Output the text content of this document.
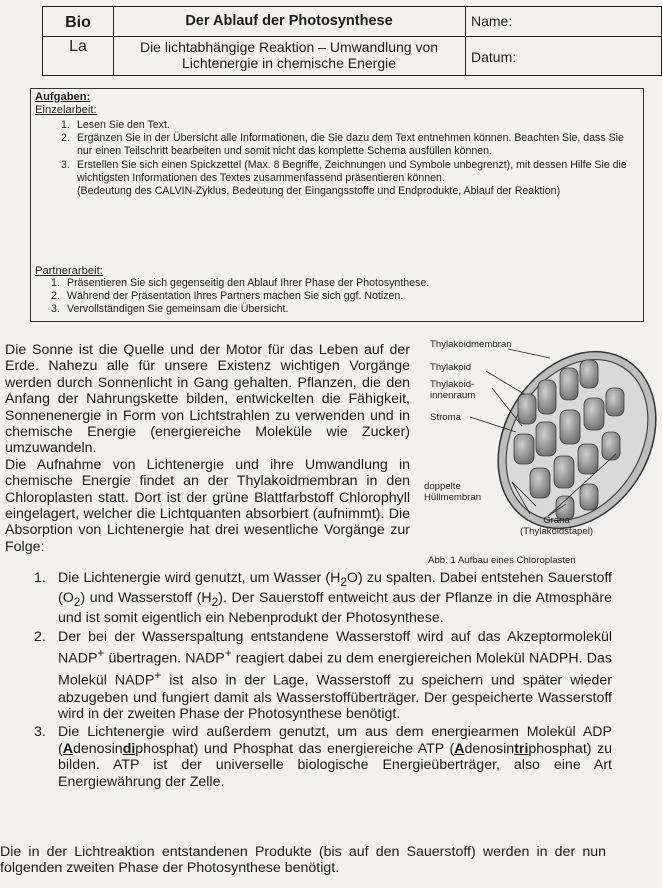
Bio
La
Der Ablauf der Photosynthese
Die lichtabhängige Reaktion – Umwandlung von
Lichtenergie in chemische Energie
Name:
Datum:
Aufgaben:
Einzelarbeit:
1. Lesen Sie den Text.
2. Ergänzen Sie in der Übersicht alle Informationen, die Sie dazu dem Text entnehmen können. Beachten Sie, dass Sie nur einen Teilschritt bearbeiten und somit nicht das komplette Schema ausfüllen können.
3. Erstellen Sie sich einen Spickzettel (Max. 8 Begriffe, Zeichnungen und Symbole unbegrenzt), mit dessen Hilfe Sie die wichtigsten Informationen des Textes zusammenfassend präsentieren können.
(Bedeutung des CALVIN-Zyklus, Bedeutung der Eingangsstoffe und Endprodukte, Ablauf der Reaktion)
Partnerarbeit:
1. Präsentieren Sie sich gegenseitig den Ablauf Ihrer Phase der Photosynthese.
2. Während der Präsentation Ihres Partners machen Sie sich ggf. Notizen.
3. Vervollständigen Sie gemeinsam die Übersicht.

Die Sonne ist die Quelle und der Motor für das Leben auf der Erde. Nahezu alle für unsere Existenz wichtigen Vorgänge werden durch Sonnenlicht in Gang gehalten. Pflanzen, die den Anfang der Nahrungskette bilden, entwickelten die Fähigkeit, Sonnenenergie in Form von Lichtstrahlen zu verwenden und in chemische Energie (energiereiche Moleküle wie Zucker) umzuwandeln.

Die Aufnahme von Lichtenergie und ihre Umwandlung in chemische Energie findet an der Thylakoidmembran in den Chloroplasten statt. Dort ist der grüne Blattfarbstoff Chlorophyll eingelagert, welcher die Lichtquanten absorbiert (aufnimmt). Die Absorption von Lichtenergie hat drei wesentliche Vorgänge zur Folge:

Thylakoidmembran
Thylakoid
Thylakoid-
innenraum
Stroma
doppelte
Hüllmembran
Grana
(Thylakoidstapel)
Abb. 1 Aufbau eines Chloroplasten
1. Die Lichtenergie wird genutzt, um Wasser $(H_2O)$ zu spalten. Dabei entstehen Sauerstoff $(O_2)$ und Wasserstoff $(H_2)$. Der Sauerstoff entweicht aus der Pflanze in die Atmosphäre und ist somit eigentlich ein Nebenprodukt der Photosynthese.
2. Der bei der Wasserspaltung entstandene Wasserstoff wird auf das Akzeptormolekül NADP+ übertragen. NADP+ reagiert dabei zu dem energiereichen Molekül NADPH. Das Molekül NADP+ ist also in der Lage, Wasserstoff zu speichern und später wieder abzugeben und fungiert damit als Wasserstoffüberträger. Der gespeicherte Wasserstoff wird in der zweiten Phase der Photosynthese benötigt.
3. Die Lichtenergie wird außerdem genutzt, um aus dem energiearmen Molekül ADP (Adenosindiphosphat) und Phosphat das energiereiche ATP (Adenosintriphosphat) zu bilden. ATP ist der universelle biologische Energieüberträger, also eine Art Energiewährung der Zelle.

Die in der Lichtreaktion entstandenen Produkte (bis auf den Sauerstoff) werden in der nun folgenden zweiten Phase der Photosynthese benötigt.
